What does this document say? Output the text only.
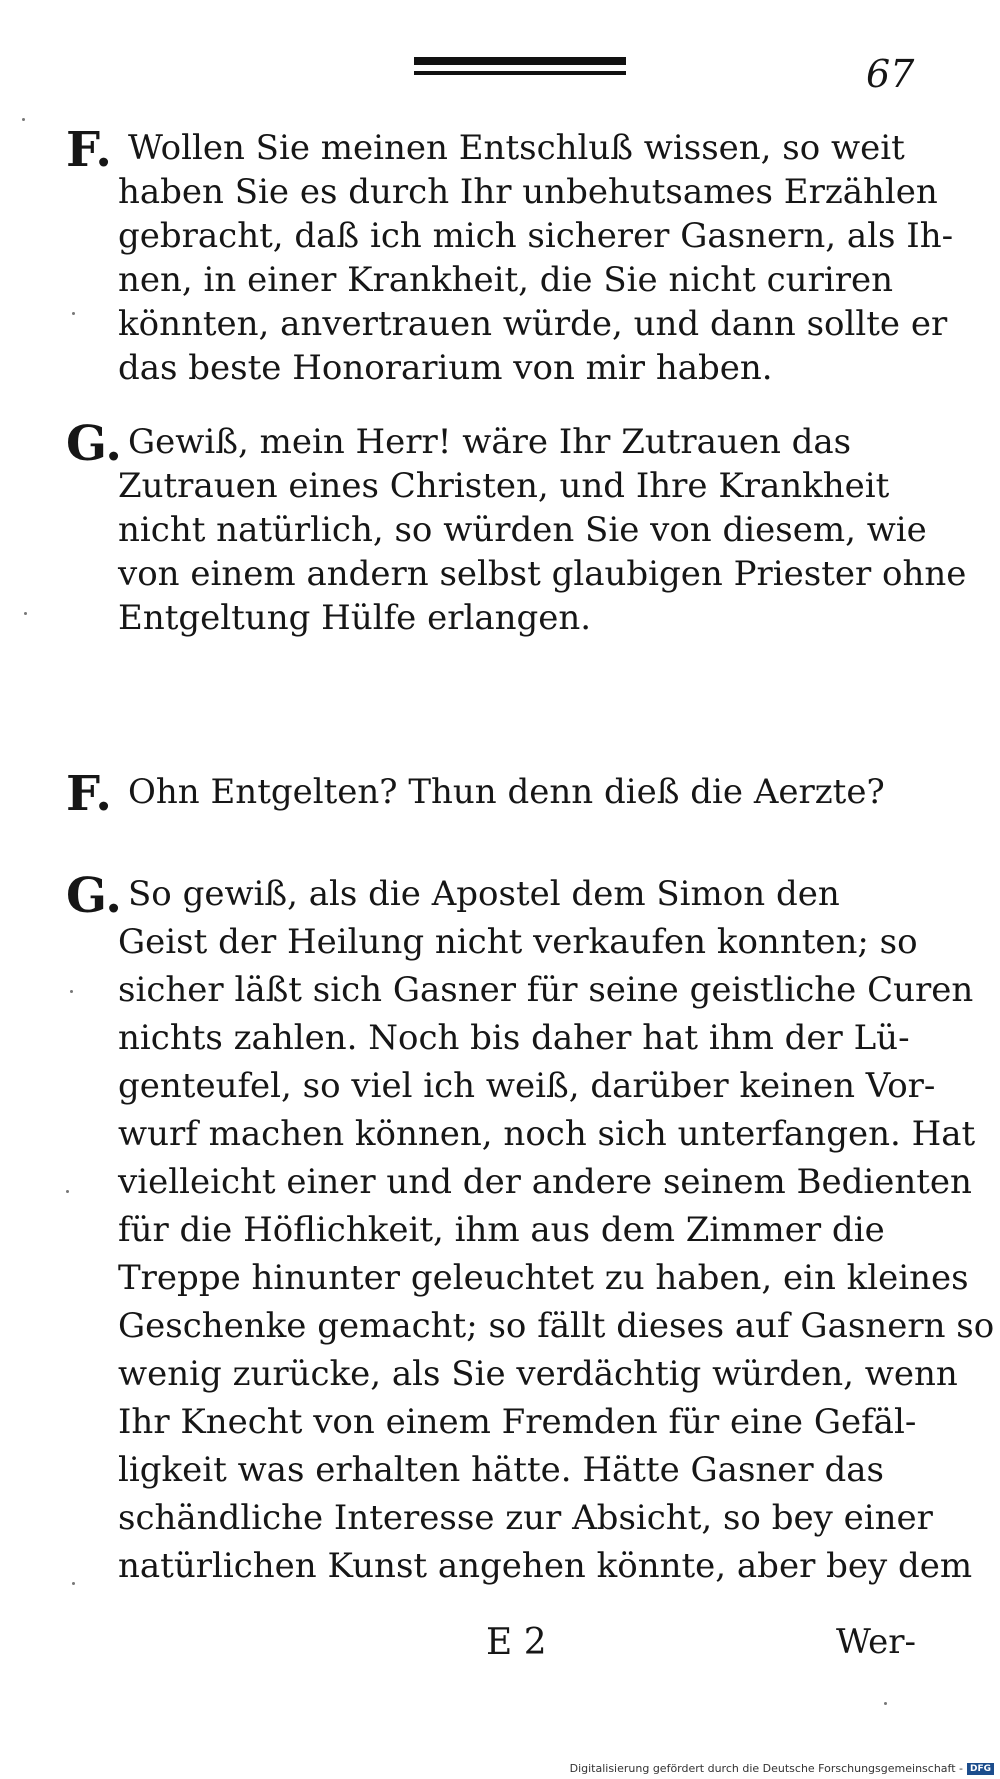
67
F. Wollen Sie meinen Entschluß wissen, so weit
haben Sie es durch Ihr unbehutsames Erzählen
gebracht, daß ich mich sicherer Gasnern, als Ih-
nen, in einer Krankheit, die Sie nicht curiren
könnten, anvertrauen würde, und dann sollte er
das beste Honorarium von mir haben.
G. Gewiß, mein Herr! wäre Ihr Zutrauen das
Zutrauen eines Christen, und Ihre Krankheit
nicht natürlich, so würden Sie von diesem, wie
von einem andern selbst glaubigen Priester ohne
Entgeltung Hülfe erlangen.
F. Ohn Entgelten? Thun denn dieß die Aerzte?
G. So gewiß, als die Apostel dem Simon den
Geist der Heilung nicht verkaufen konnten; so
sicher läßt sich Gasner für seine geistliche Curen
nichts zahlen. Noch bis daher hat ihm der Lü-
genteufel, so viel ich weiß, darüber keinen Vor-
wurf machen können, noch sich unterfangen. Hat
vielleicht einer und der andere seinem Bedienten
für die Höflichkeit, ihm aus dem Zimmer die
Treppe hinunter geleuchtet zu haben, ein kleines
Geschenke gemacht; so fällt dieses auf Gasnern so
wenig zurücke, als Sie verdächtig würden, wenn
Ihr Knecht von einem Fremden für eine Gefäl-
ligkeit was erhalten hätte. Hätte Gasner das
schändliche Interesse zur Absicht, so bey einer
natürlichen Kunst angehen könnte, aber bey dem
E 2	Wer-
Digitalisierung gefördert durch die Deutsche Forschungsgemeinschaft - DFG
